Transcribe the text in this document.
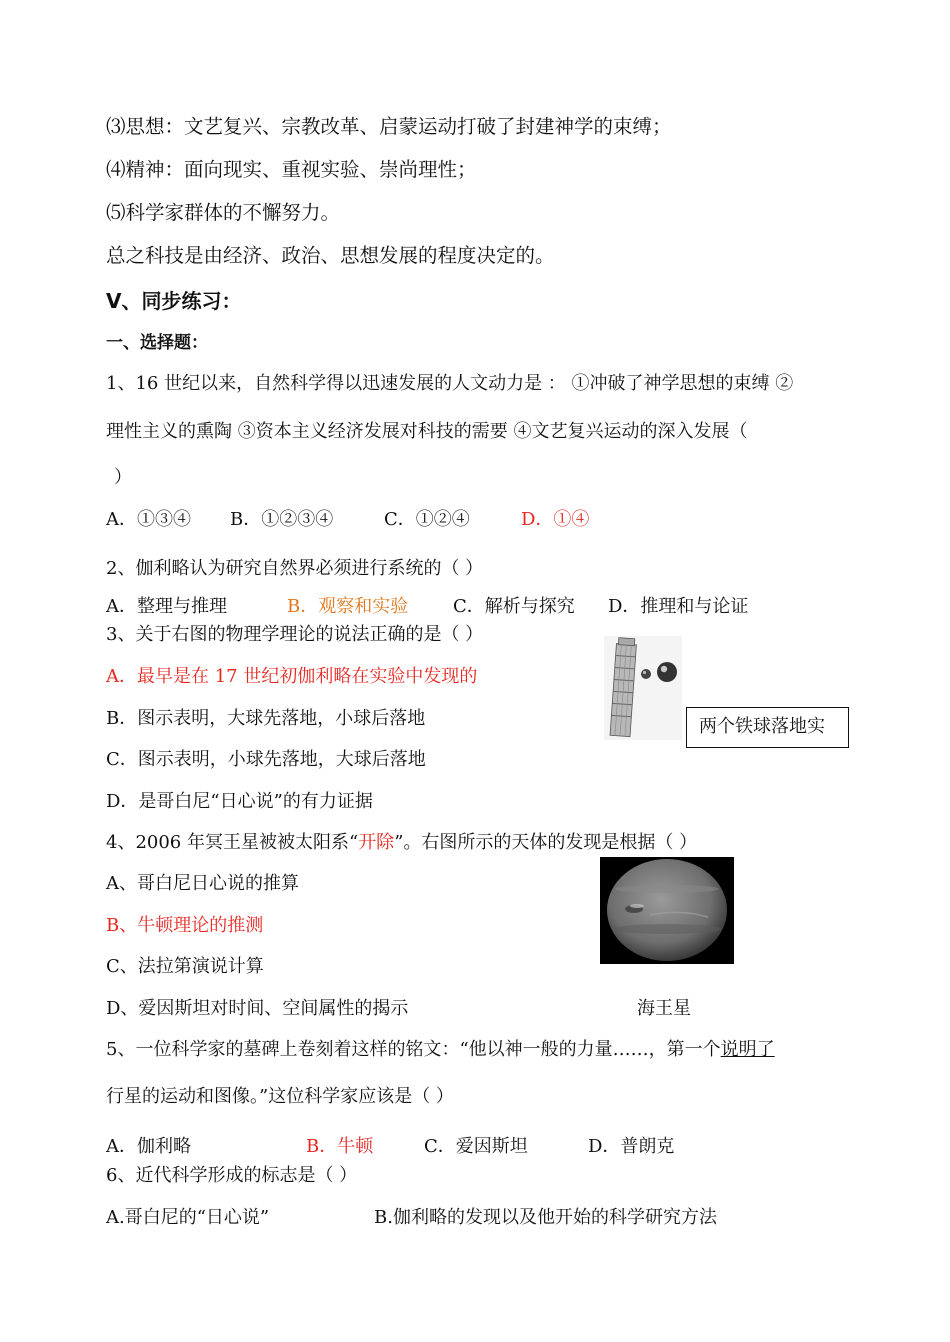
⑶思想：文艺复兴、宗教改革、启蒙运动打破了封建神学的束缚；
⑷精神：面向现实、重视实验、崇尚理性；
⑸科学家群体的不懈努力。
总之科技是由经济、政治、思想发展的程度决定的。
Ⅴ、同步练习：
一、选择题：
1、16 世纪以来，自然科学得以迅速发展的人文动力是 ： ①冲破了神学思想的束缚 ②
理性主义的熏陶 ③资本主义经济发展对科技的需要 ④文艺复兴运动的深入发展（
）
A．①③④ B．①②③④	C．①②④	D．①④
2、伽利略认为研究自然界必须进行系统的（ ）
A．整理与推理	B．观察和实验 C．解析与探究 D．推理和与论证
3、关于右图的物理学理论的说法正确的是（ ）
A．最早是在 17 世纪初伽利略在实验中发现的
B．图示表明，大球先落地，小球后落地
C．图示表明，小球先落地，大球后落地
D．是哥白尼“日心说”的有力证据
两个铁球落地实
4、2006 年冥王星被被太阳系“开除”。右图所示的天体的发现是根据（ ）
A、哥白尼日心说的推算
B、牛顿理论的推测
C、法拉第演说计算
D、爱因斯坦对时间、空间属性的揭示	海王星
5、一位科学家的墓碑上卷刻着这样的铭文：“他以神一般的力量……，第一个说明了
行星的运动和图像。”这位科学家应该是（ ）
A．伽利略	B．牛顿	C．爱因斯坦	D．普朗克
6、近代科学形成的标志是（ ）
A.哥白尼的“日心说”	B.伽利略的发现以及他开始的科学研究方法
